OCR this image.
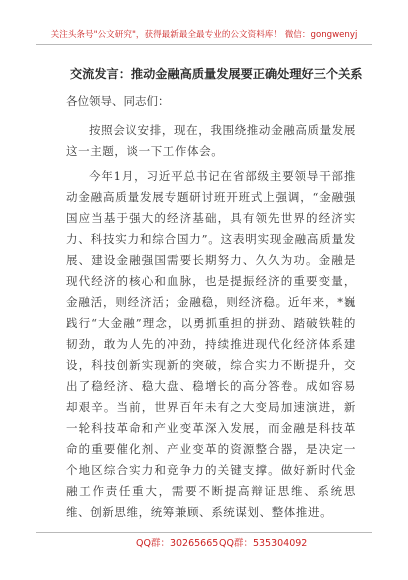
关注头条号"公文研究"，获得最新最全最专业的公文资料库！ 微信：gongwenyj
交流发言：推动金融高质量发展要正确处理好三个关系
各位领导、同志们：

按照会议安排，现在，我围绕推动金融高质量发展这一主题，谈一下工作体会。

今年1月，习近平总书记在省部级主要领导干部推动金融高质量发展专题研讨班开班式上强调，“金融强国应当基于强大的经济基础，具有领先世界的经济实力、科技实力和综合国力”。这表明实现金融高质量发展、建设金融强国需要长期努力、久久为功。金融是现代经济的核心和血脉，也是提振经济的重要变量，金融活，则经济活；金融稳，则经济稳。近年来，*巍践行“大金融”理念，以勇抓重担的拼劲、踏破铁鞋的韧劲，敢为人先的冲劲，持续推进现代化经济体系建设，科技创新实现新的突破，综合实力不断提升，交出了稳经济、稳大盘、稳增长的高分答卷。成如容易却艰辛。当前，世界百年未有之大变局加速演进，新一轮科技革命和产业变革深入发展，而金融是科技革命的重要催化剂、产业变革的资源整合器，是决定一个地区综合实力和竞争力的关键支撑。做好新时代金融工作责任重大，需要不断提高辩证思维、系统思维、创新思维，统筹兼顾、系统谋划、整体推进。

QQ群：30265665 QQ群：535304092
